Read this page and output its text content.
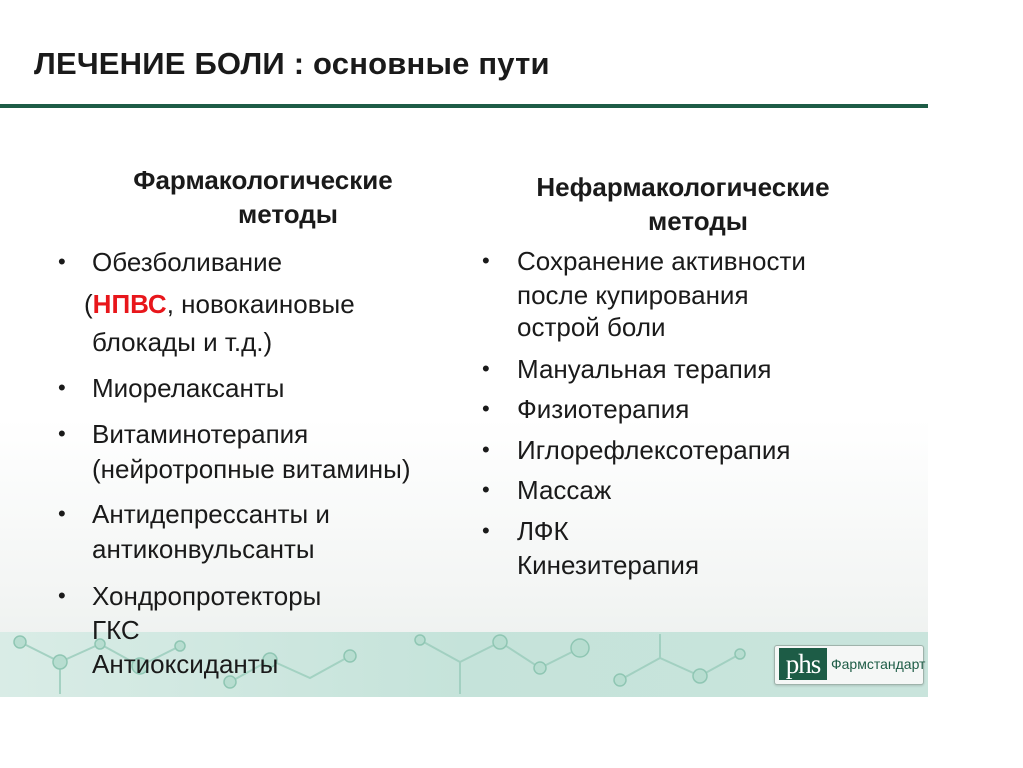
ЛЕЧЕНИЕ БОЛИ : основные пути
Фармакологические
методы
• Обезболивание
(НПВС, новокаиновые
блокады и т.д.)
• Миорелаксанты
• Витаминотерапия
(нейротропные витамины)
• Антидепрессанты и
антиконвульсанты
Нефармакологические
методы
• Сохранение активности
после купирования
острой боли
• Мануальная терапия
• Физиотерапия
• Иглорефлексотерапия
• Массаж
• ЛФК
Кинезитерапия
• Хондропротекторы
ГКС
Антиоксиданты	phs Фармстандарт
